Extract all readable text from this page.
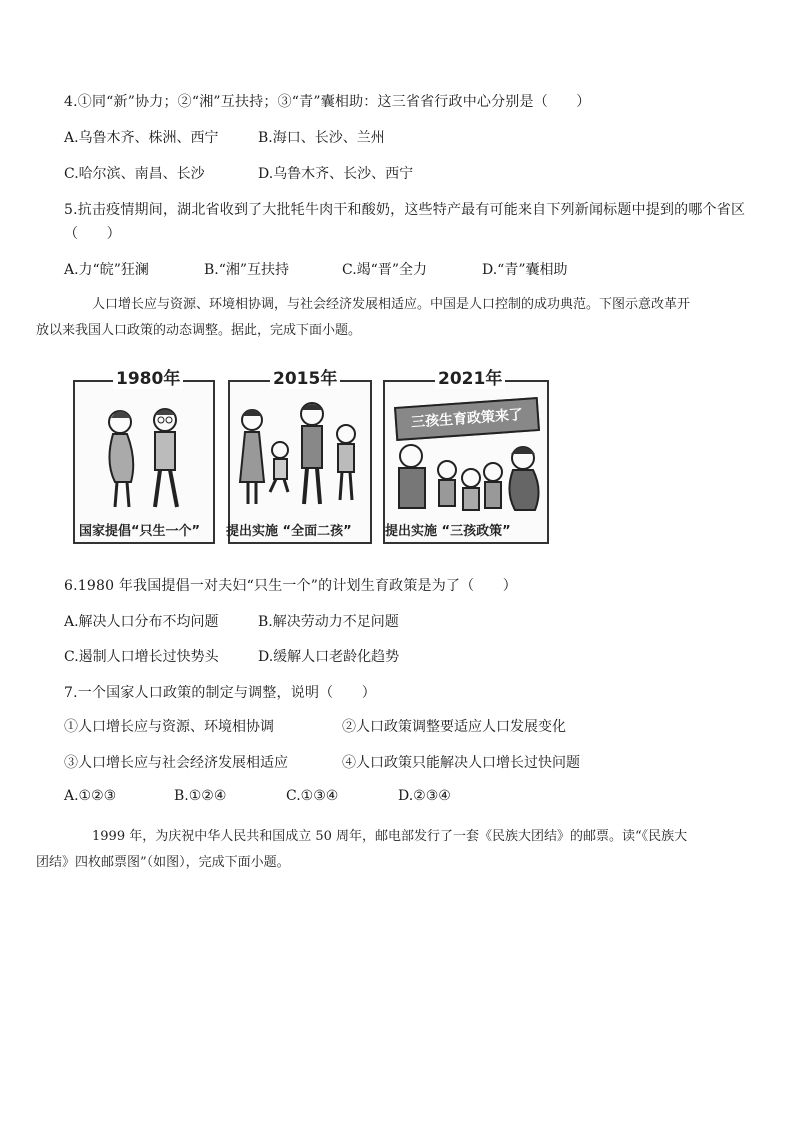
4.①同“新”协力；②“湘”互扶持；③“青”囊相助：这三省省行政中心分别是（　　）
A.乌鲁木齐、株洲、西宁	B.海口、长沙、兰州
C.哈尔滨、南昌、长沙	D.乌鲁木齐、长沙、西宁
5.抗击疫情期间，湖北省收到了大批牦牛肉干和酸奶，这些特产最有可能来自下列新闻标题中提到的哪个省区
（　　）
A.力“皖”狂澜	B.“湘”互扶持	C.竭“晋”全力	D.“青”囊相助
人口增长应与资源、环境相协调，与社会经济发展相适应。中国是人口控制的成功典范。下图示意改革开
放以来我国人口政策的动态调整。据此，完成下面小题。
1980年
国家提倡“只生一个”
2015年
提出实施 “全面二孩”
2021年
三孩生育政策来了
提出实施 “三孩政策”
6.1980 年我国提倡一对夫妇“只生一个”的计划生育政策是为了（　　）
A.解决人口分布不均问题	B.解决劳动力不足问题
C.遏制人口增长过快势头	D.缓解人口老龄化趋势
7.一个国家人口政策的制定与调整，说明（　　）
①人口增长应与资源、环境相协调	②人口政策调整要适应人口发展变化
③人口增长应与社会经济发展相适应	④人口政策只能解决人口增长过快问题
A.①②③	B.①②④	C.①③④	D.②③④
1999 年，为庆祝中华人民共和国成立 50 周年，邮电部发行了一套《民族大团结》的邮票。读“《民族大
团结》四枚邮票图”（如图），完成下面小题。
